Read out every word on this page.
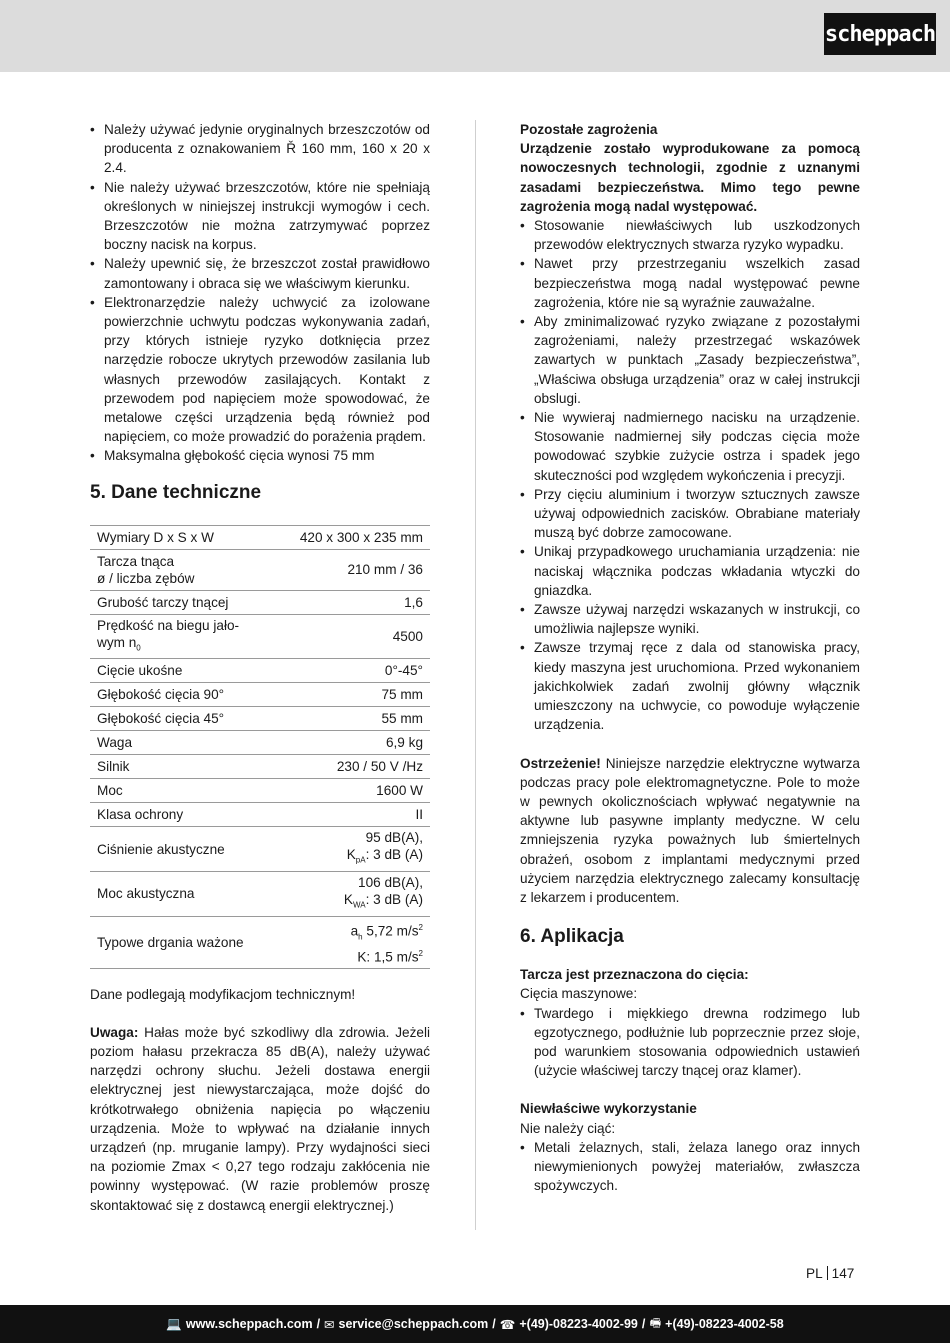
scheppach
• Należy używać jedynie oryginalnych brzeszczotów od producenta z oznakowaniem Ř 160 mm, 160 x 20 x 2.4.
• Nie należy używać brzeszczotów, które nie spełniają określonych w niniejszej instrukcji wymogów i cech. Brzeszczotów nie można zatrzymywać poprzez boczny nacisk na korpus.
• Należy upewnić się, że brzeszczot został prawidłowo zamontowany i obraca się we właściwym kierunku.
• Elektronarzędzie należy uchwycić za izolowane powierzchnie uchwytu podczas wykonywania zadań, przy których istnieje ryzyko dotknięcia przez narzędzie robocze ukrytych przewodów zasilania lub własnych przewodów zasilających. Kontakt z przewodem pod napięciem może spowodować, że metalowe części urządzenia będą również pod napięciem, co może prowadzić do porażenia prądem.
• Maksymalna głębokość cięcia wynosi 75 mm
5. Dane techniczne
Wymiary D x S x W	420 x 300 x 235 mm
Tarcza tnąca
ø / liczba zębów	210 mm / 36
Grubość tarczy tnącej	1,6
Prędkość na biegu jało-
wym $n_0$	4500
Cięcie ukośne	0°-45°
Głębokość cięcia 90°	75 mm
Głębokość cięcia 45°	55 mm
Waga	6,9 kg
Silnik	230 / 50 V /Hz
Moc	1600 W
Klasa ochrony	II
Ciśnienie akustyczne	95 dB(A),
$K_{pA}$: 3 dB (A)
Moc akustyczna	106 dB(A),
$K_{WA}$: 3 dB (A)
Typowe drgania ważone	$a_h$ 5,72 $m/s^2$
K: 1,5 $m/s^2$

Dane podlegają modyfikacjom technicznym!

Uwaga: Hałas może być szkodliwy dla zdrowia. Jeżeli poziom hałasu przekracza 85 dB(A), należy używać narzędzi ochrony słuchu. Jeżeli dostawa energii elektrycznej jest niewystarczająca, może dojść do krótkotrwałego obniżenia napięcia po włączeniu urządzenia. Może to wpływać na działanie innych urządzeń (np. mruganie lampy). Przy wydajności sieci na poziomie Zmax < 0,27 tego rodzaju zakłócenia nie powinny występować. (W razie problemów proszę skontaktować się z dostawcą energii elektrycznej.)

Pozostałe zagrożenia

Urządzenie zostało wyprodukowane za pomocą nowoczesnych technologii, zgodnie z uznanymi zasadami bezpieczeństwa. Mimo tego pewne zagrożenia mogą nadal występować.

• Stosowanie niewłaściwych lub uszkodzonych przewodów elektrycznych stwarza ryzyko wypadku.
• Nawet przy przestrzeganiu wszelkich zasad bezpieczeństwa mogą nadal występować pewne zagrożenia, które nie są wyraźnie zauważalne.
• Aby zminimalizować ryzyko związane z pozostałymi zagrożeniami, należy przestrzegać wskazówek zawartych w punktach „Zasady bezpieczeństwa”, „Właściwa obsługa urządzenia” oraz w całej instrukcji obslugi.
• Nie wywieraj nadmiernego nacisku na urządzenie. Stosowanie nadmiernej siły podczas cięcia może powodować szybkie zużycie ostrza i spadek jego skuteczności pod względem wykończenia i precyzji.
• Przy cięciu aluminium i tworzyw sztucznych zawsze używaj odpowiednich zacisków. Obrabiane materiały muszą być dobrze zamocowane.
• Unikaj przypadkowego uruchamiania urządzenia: nie naciskaj włącznika podczas wkładania wtyczki do gniazdka.
• Zawsze używaj narzędzi wskazanych w instrukcji, co umożliwia najlepsze wyniki.
• Zawsze trzymaj ręce z dala od stanowiska pracy, kiedy maszyna jest uruchomiona. Przed wykonaniem jakichkolwiek zadań zwolnij główny włącznik umieszczony na uchwycie, co powoduje wyłączenie urządzenia.

Ostrzeżenie! Niniejsze narzędzie elektryczne wytwarza podczas pracy pole elektromagnetyczne. Pole to może w pewnych okolicznościach wpływać negatywnie na aktywne lub pasywne implanty medyczne. W celu zmniejszenia ryzyka poważnych lub śmiertelnych obrażeń, osobom z implantami medycznymi przed użyciem narzędzia elektrycznego zalecamy konsultację z lekarzem i producentem.

6. Aplikacja

Tarcza jest przeznaczona do cięcia:

Cięcia maszynowe:

• Twardego i miękkiego drewna rodzimego lub egzotycznego, podłużnie lub poprzecznie przez słoje, pod warunkiem stosowania odpowiednich ustawień (użycie właściwej tarczy tnącej oraz klamer).

Niewłaściwe wykorzystanie

Nie należy ciąć:

• Metali żelaznych, stali, żelaza lanego oraz innych niewymienionych powyżej materiałów, zwłaszcza spożywczych.
PL 147
💻 www.scheppach.com / ✉ service@scheppach.com / ☎ +(49)-08223-4002-99 / 🖷 +(49)-08223-4002-58
